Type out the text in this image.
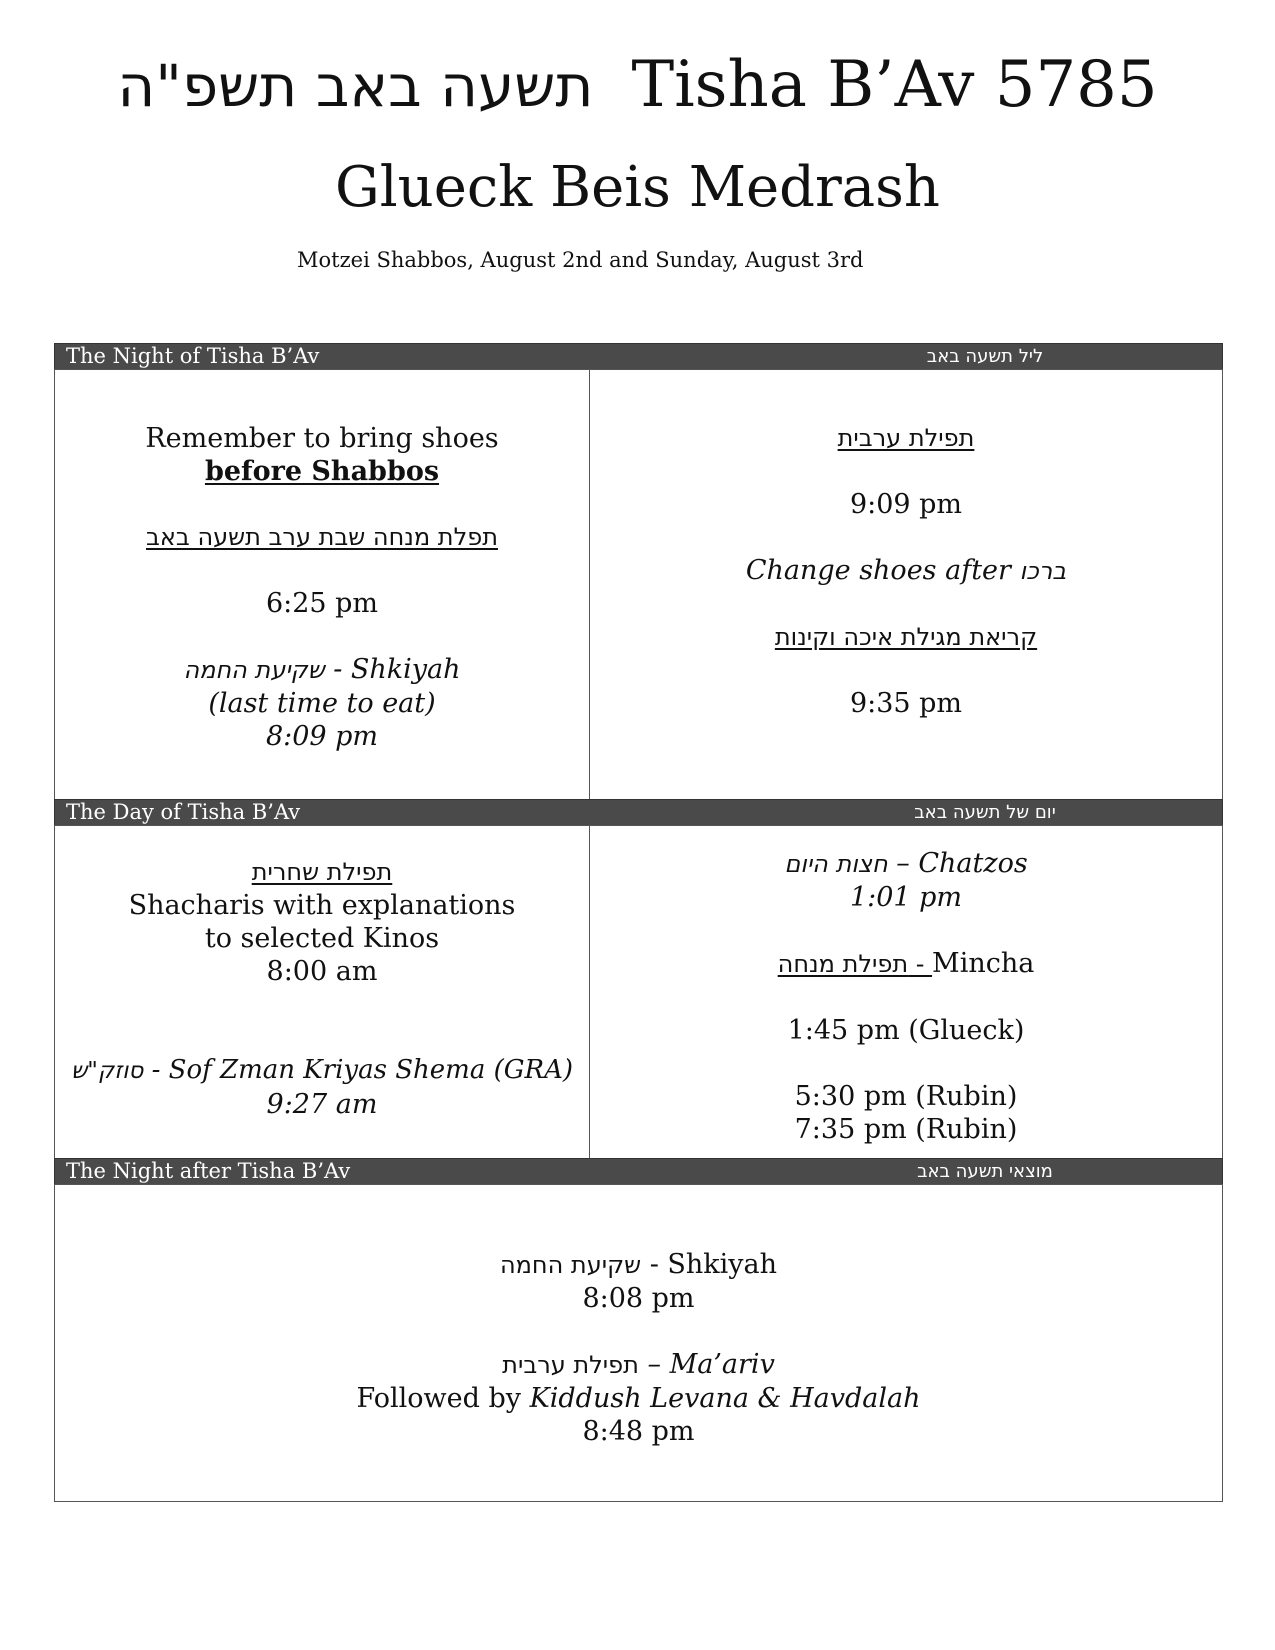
תשעה באב תשפ"ה Tisha B’Av 5785
Glueck Beis Medrash
Motzei Shabbos, August 2nd and Sunday, August 3rd
The Night of Tisha B’Av	ליל תשעה באב
Remember to bring shoes
before Shabbos
תפלת מנחה שבת ערב תשעה באב
6:25 pm
שקיעת החמה - Shkiyah
(last time to eat)
8:09 pm
תפילת ערבית
9:09 pm
Change shoes after ברכו
קריאת מגילת איכה וקינות
9:35 pm
The Day of Tisha B’Av	יום של תשעה באב
תפילת שחרית
Shacharis with explanations
to selected Kinos
8:00 am
סוזק"ש - Sof Zman Kriyas Shema (GRA)
9:27 am
חצות היום – Chatzos
1:01 pm
תפילת מנחה - Mincha
1:45 pm (Glueck)
5:30 pm (Rubin)
7:35 pm (Rubin)
The Night after Tisha B’Av	מוצאי תשעה באב
שקיעת החמה - Shkiyah
8:08 pm
תפילת ערבית – Ma’ariv
Followed by Kiddush Levana & Havdalah
8:48 pm
